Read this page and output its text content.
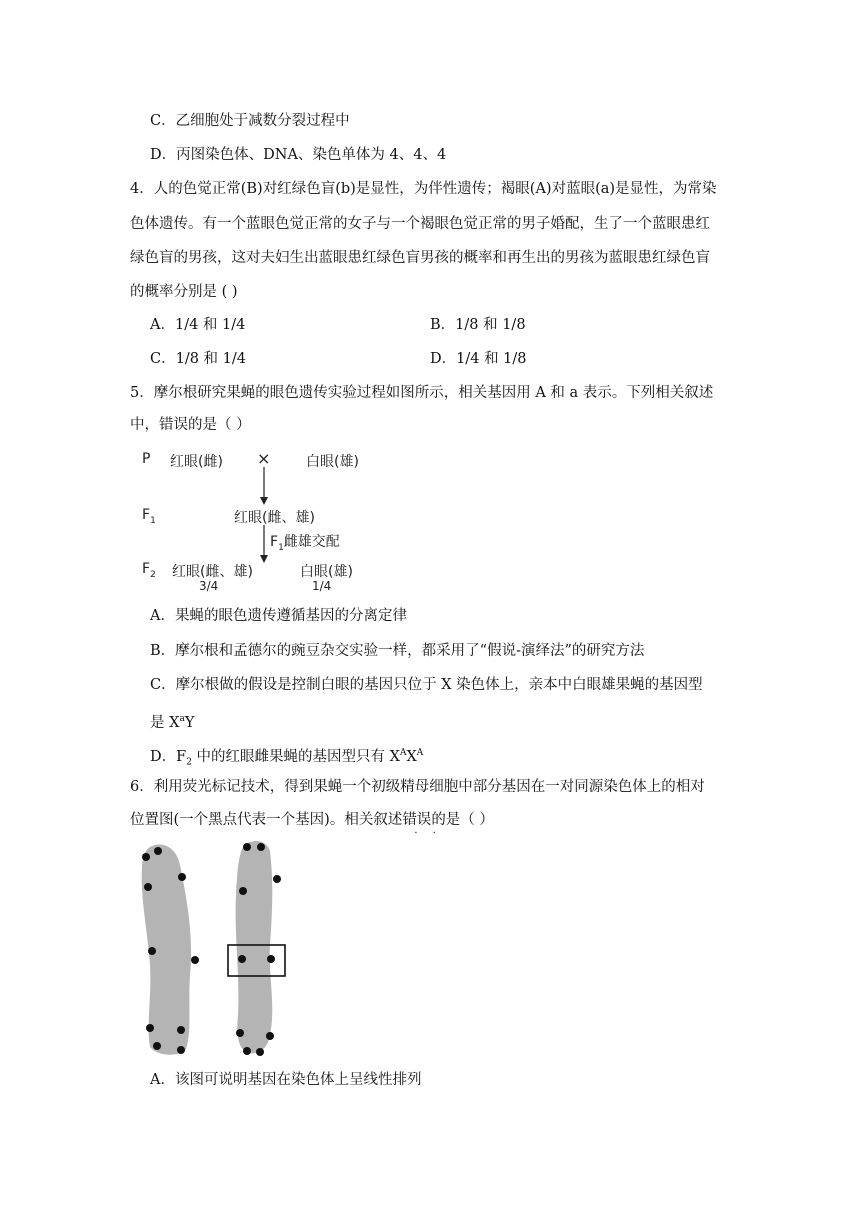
C．乙细胞处于减数分裂过程中
D．丙图染色体、DNA、染色单体为 4、4、4
4．人的色觉正常(B)对红绿色盲(b)是显性，为伴性遗传；褐眼(A)对蓝眼(a)是显性，为常染
色体遗传。有一个蓝眼色觉正常的女子与一个褐眼色觉正常的男子婚配，生了一个蓝眼患红
绿色盲的男孩，这对夫妇生出蓝眼患红绿色盲男孩的概率和再生出的男孩为蓝眼患红绿色盲
的概率分别是 ( )
A．1/4 和 1/4	B．1/8 和 1/8
C．1/8 和 1/4	D．1/4 和 1/8
5．摩尔根研究果蝇的眼色遗传实验过程如图所示，相关基因用 A 和 a 表示。下列相关叙述
中，错误的是（ ）
P 红眼(雌) ×	白眼(雄)
$F_1$	红眼(雌、雄)
$F_1$雌雄交配
$F_2$ 红眼(雌、雄)
3/4
白眼(雄)
1/4
A．果蝇的眼色遗传遵循基因的分离定律
B．摩尔根和孟德尔的豌豆杂交实验一样，都采用了“假说-演绎法”的研究方法
C．摩尔根做的假设是控制白眼的基因只位于 X 染色体上，亲本中白眼雄果蝇的基因型
是 $X^aY$
D．$F_2$ 中的红眼雌果蝇的基因型只有 $X^AX^A$
6．利用荧光标记技术，得到果蝇一个初级精母细胞中部分基因在一对同源染色体上的相对
位置图(一个黑点代表一个基因)。相关叙述错误 · ·的是（ ）
A．该图可说明基因在染色体上呈线性排列
